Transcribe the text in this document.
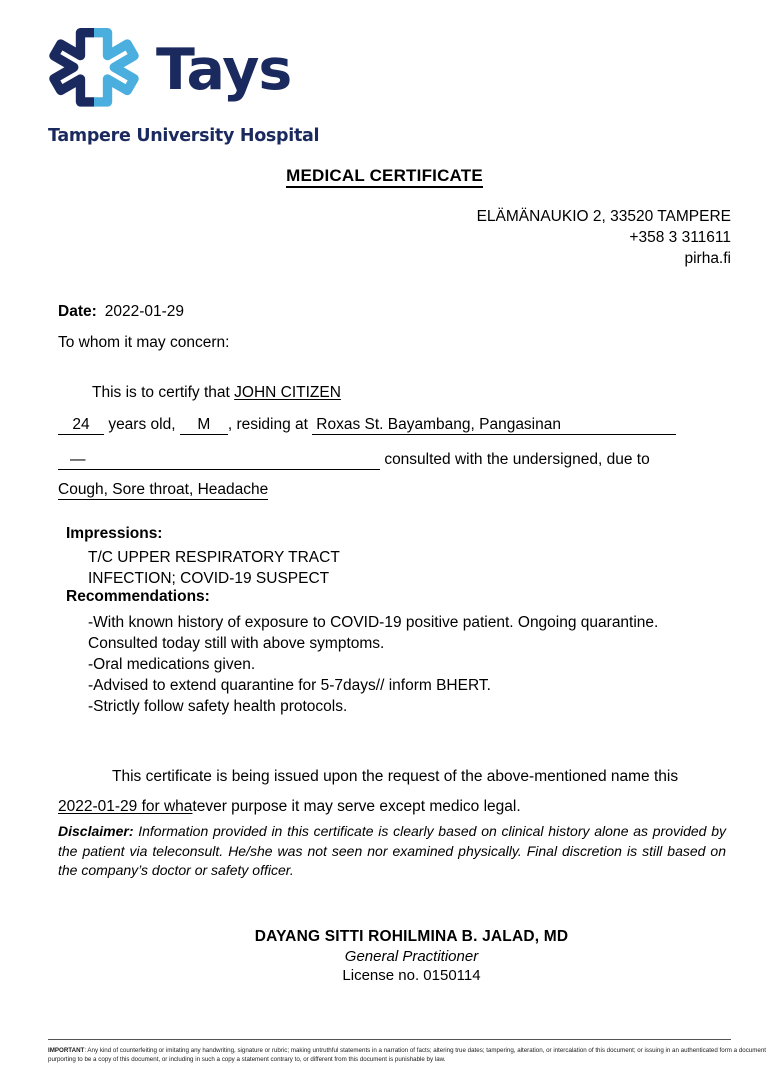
Tays
Tampere University Hospital
MEDICAL CERTIFICATE
ELÄMÄNAUKIO 2, 33520 TAMPERE
+358 3 311611
pirha.fi
Date: 2022-01-29
To whom it may concern:
This is to certify that JOHN CITIZEN
24 years old, M , residing at Roxas St. Bayambang, Pangasinan
—	consulted with the undersigned, due to
Cough, Sore throat, Headache
Impressions:
T/C UPPER RESPIRATORY TRACT
INFECTION; COVID-19 SUSPECT
Recommendations:
-With known history of exposure to COVID-19 positive patient. Ongoing quarantine.
Consulted today still with above symptoms.
-Oral medications given.
-Advised to extend quarantine for 5-7days// inform BHERT.
-Strictly follow safety health protocols.
This certificate is being issued upon the request of the above-mentioned name this
2022-01-29 for whatever purpose it may serve except medico legal.
Disclaimer: Information provided in this certificate is clearly based on clinical history alone as provided by the patient via teleconsult. He/she was not seen nor examined physically. Final discretion is still based on the company’s doctor or safety officer.
DAYANG SITTI ROHILMINA B. JALAD, MD
General Practitioner
License no. 0150114
IMPORTANT: Any kind of counterfeiting or imitating any handwriting, signature or rubric; making untruthful statements in a narration of facts; altering true dates; tampering, alteration, or intercalation of this document; or issuing in an authenticated form a document purporting to be a copy of this document, or including in such a copy a statement contrary to, or different from this document is punishable by law.
